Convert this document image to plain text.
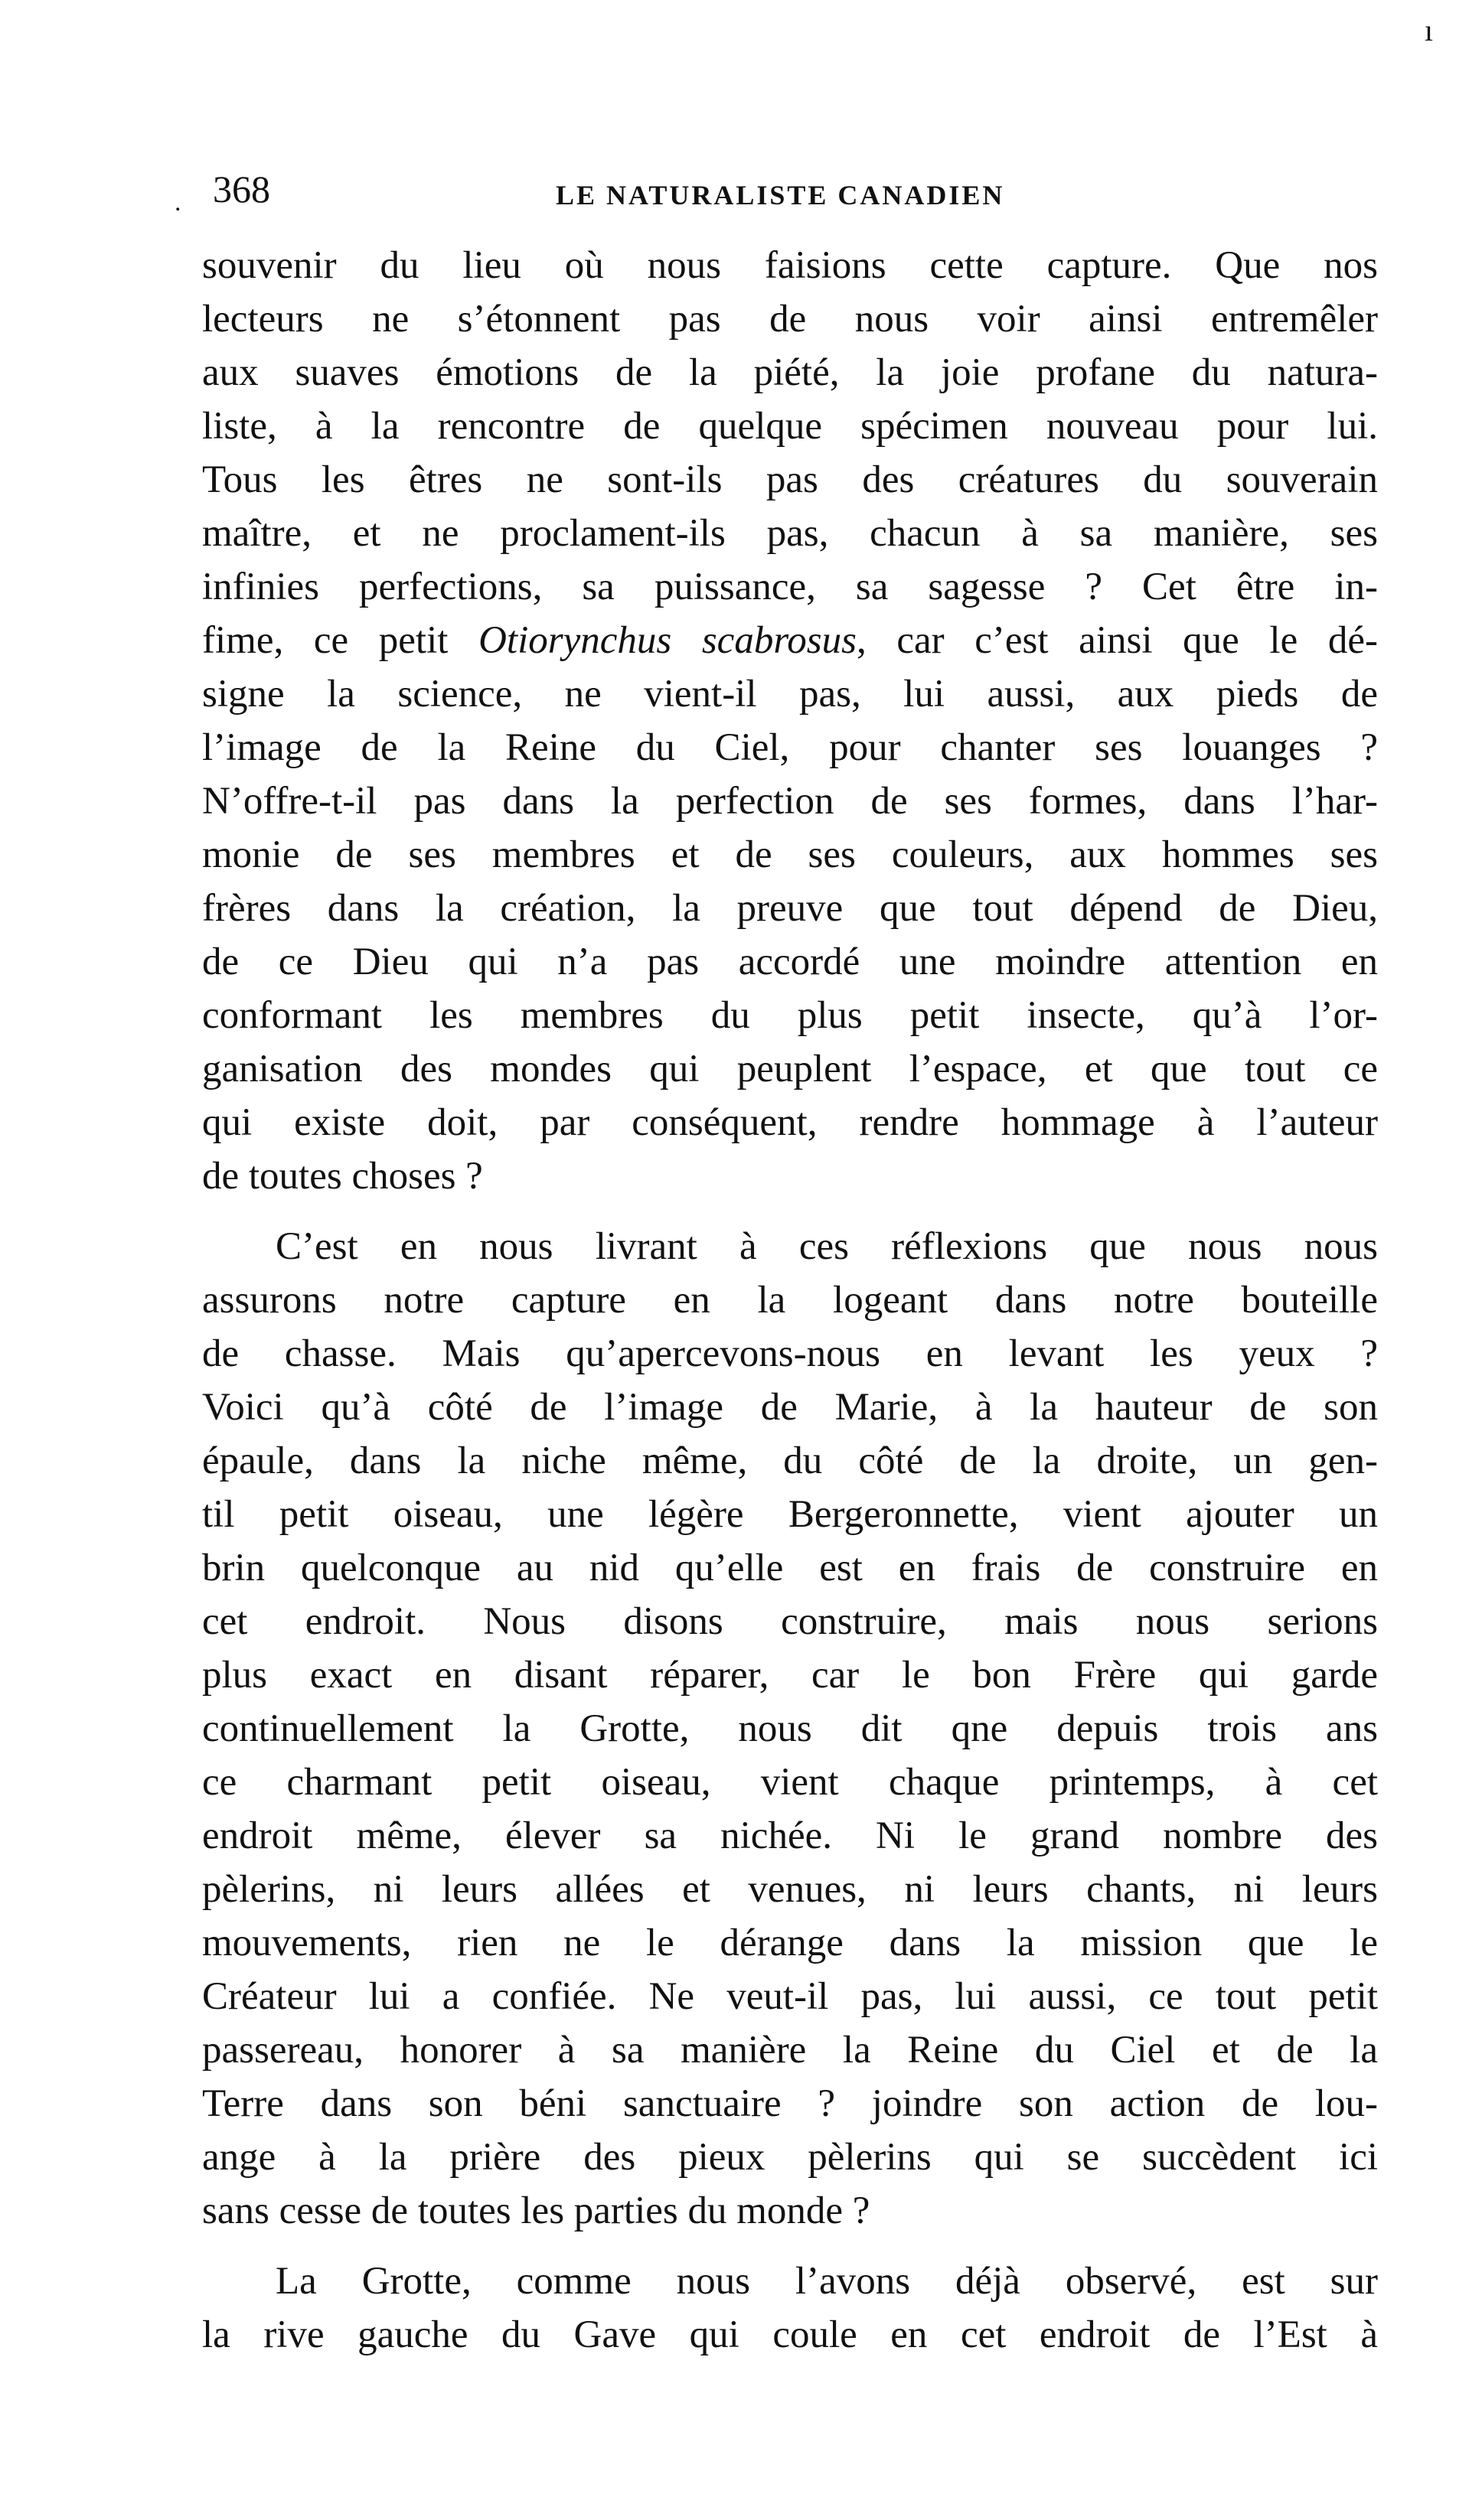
ı
. 368	LE NATURALISTE CANADIEN
souvenir du lieu où nous faisions cette capture. Que nos
lecteurs ne s’étonnent pas de nous voir ainsi entremêler
aux suaves émotions de la piété, la joie profane du natura-
liste, à la rencontre de quelque spécimen nouveau pour lui.
Tous les êtres ne sont-ils pas des créatures du souverain
maître, et ne proclament-ils pas, chacun à sa manière, ses
infinies perfections, sa puissance, sa sagesse ? Cet être in-
fime, ce petit Otiorynchus scabrosus, car c’est ainsi que le dé-
signe la science, ne vient-il pas, lui aussi, aux pieds de
l’image de la Reine du Ciel, pour chanter ses louanges ?
N’offre-t-il pas dans la perfection de ses formes, dans l’har-
monie de ses membres et de ses couleurs, aux hommes ses
frères dans la création, la preuve que tout dépend de Dieu,
de ce Dieu qui n’a pas accordé une moindre attention en
conformant les membres du plus petit insecte, qu’à l’or-
ganisation des mondes qui peuplent l’espace, et que tout ce
qui existe doit, par conséquent, rendre hommage à l’auteur
de toutes choses ?
C’est en nous livrant à ces réflexions que nous nous
assurons notre capture en la logeant dans notre bouteille
de chasse. Mais qu’apercevons-nous en levant les yeux ?
Voici qu’à côté de l’image de Marie, à la hauteur de son
épaule, dans la niche même, du côté de la droite, un gen-
til petit oiseau, une légère Bergeronnette, vient ajouter un
brin quelconque au nid qu’elle est en frais de construire en
cet endroit. Nous disons construire, mais nous serions
plus exact en disant réparer, car le bon Frère qui garde
continuellement la Grotte, nous dit qne depuis trois ans
ce charmant petit oiseau, vient chaque printemps, à cet
endroit même, élever sa nichée. Ni le grand nombre des
pèlerins, ni leurs allées et venues, ni leurs chants, ni leurs
mouvements, rien ne le dérange dans la mission que le
Créateur lui a confiée. Ne veut-il pas, lui aussi, ce tout petit
passereau, honorer à sa manière la Reine du Ciel et de la
Terre dans son béni sanctuaire ? joindre son action de lou-
ange à la prière des pieux pèlerins qui se succèdent ici
sans cesse de toutes les parties du monde ?
La Grotte, comme nous l’avons déjà observé, est sur
la rive gauche du Gave qui coule en cet endroit de l’Est à
